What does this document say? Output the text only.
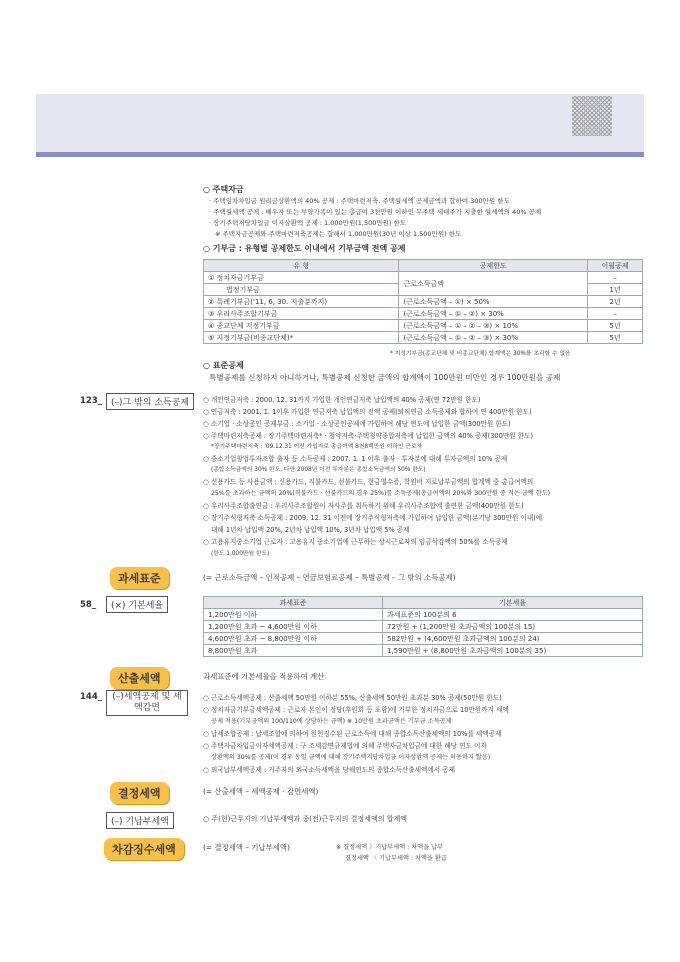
○ 주택자금
· 주택임차차입금 원리금상환액의 40% 공제 : 주택마련저축, 주택월세액 공제금액과 합하여 300만원 한도
· 주택월세액 공제 : 배우자 또는 부양가족이 있는 총급여 3천만원 이하인 무주택 세대주가 지출한 월세액의 40% 공제
· 장기주택저당차입금 이자상환액 공제 : 1,000만원(1,500만원) 한도
※ 주택자금공제와 주택마련저축공제는 합해서 1,000만원(30년 이상 1,500만원) 한도
○ 기부금 : 유형별 공제한도 이내에서 기부금액 전액 공제
유 형	공제한도	이월공제
① 정치자금기부금	근로소득금액	–
법정기부금		1년
② 특례기부금('11, 6, 30. 지출분까지)	(근로소득금액 – ①) × 50%	2년
③ 우리사주조합기부금	(근로소득금액 – ① – ②) × 30%	–
④ 종교단체 지정기부금	(근로소득금액 – ① – ② – ③) × 10%	5년
⑤ 지정기부금(비종교단체)*	(근로소득금액 – ① – ② – ③) × 30%	5년
* 지정기부금(종교단체 및 비종교단체) 합계액은 30%를 초과할 수 없음
○ 표준공제
특별공제를 신청하지 아니하거나, 특별공제 신청한 금액의 합계액이 100만원 미만인 경우 100만원을 공제
123_	(–)그 밖의 소득공제	○ 개인연금저축 : 2000. 12. 31까지 가입한 개인연금저축 납입액의 40% 공제(연 72만원 한도)
○ 연금저축 : 2001. 1. 1이후 가입한 연금저축 납입액의 전액 공제(퇴직연금 소득공제와 합하여 연 400만원 한도)
○ 소기업 · 소상공인 공제부금 : 소기업 · 소상공인공제에 가입하여 해당 연도에 납입한 금액(300만원 한도)
○ 주택마련저축공제 : 장기주택마련저축* · 청약저축·주택청약종합저축에 납입한 금액의 40% 공제(300만원 한도)
*장기주택마련저축 : '09.12.31 이전 가입자로 총급여액 8천8백만원 이하인 근로자
○ 중소기업창업투자조합 출자 등 소득공제 : 2007. 1. 1 이후 출자 · 투자분에 대해 투자금액의 10% 공제
(종합소득금액의 30% 한도, 다만 2008년 이전 투자분은 종합소득금액의 50% 한도)
○ 신용카드 등 사용금액 : 신용카드, 직불카드, 선불카드, 현금영수증, 학원비 지로납부금액의 합계액 중 총급여액의
25%를 초과하는 금액의 20%(직불카드 · 선불카드의 경우 25%)를 소득공제(총급여액의 20%와 300만원 중 적은 금액 한도)
○ 우리사주조합출연금 : 우리사주조합원이 자사주를 취득하기 위해 우리사주조합에 출연한 금액(400만원 한도)
○ 장기주식형저축 소득공제 : 2009. 12. 31 이전에 장기주식형저축에 가입하여 납입한 금액(분기당 300만원 이내)에
대해 1년차 납입액 20%, 2년차 납입액 10%, 3년차 납입액 5% 공제
○ 고용유지중소기업 근로자 : 고용유지 중소기업에 근무하는 상시근로자의 임금삭감액의 50%를 소득공제
(한도 1,000만원 한도)
과세표준	(= 근로소득금액 – 인적공제 – 연금보험료공제 – 특별공제 – 그 밖의 소득공제)
58_	(×) 기본세율	과세표준	기본세율
1,200만원 이하	과세표준의 100분의 6
1,200만원 초과 ~ 4,600만원 이하	72만원 + (1,200만원 초과금액의 100분의 15)
4,600만원 초과 ~ 8,800만원 이하	582만원 + (4,600만원 초과금액의 100분의 24)
8,800만원 초과	1,590만원 + (8,800만원 초과금액의 100분의 35)
산출세액	과세표준에 기본세율을 적용하여 계산
144_	(–)세액공제 및 세액감면
○ 근로소득세액공제 : 산출세액 50만원 이하분 55%, 산출세액 50만원 초과분 30% 공제(50만원 한도)
○ 정치자금기부금세액공제 : 근로자 본인이 정당(후원회 등 포함)에 기부한 정치자금으로 10만원까지 세액
공제 적용(기부금액의 100/110에 상당하는 금액) ※ 10만원 초과금액은 기부금 소득공제
○ 납세조합공제 : 납세조합에 의하여 원천징수된 근로소득에 대해 종합소득산출세액의 10%를 세액공제
○ 주택자금차입금이자세액공제 : 구 조세감면규제법에 의해 주택자금차입금에 대한 해당 연도 이자
상환액의 30%를 공제(이 경우 동일 금액에 대해 장기주택저당차입금 이자상환액 공제는 허용하지 않음)
○ 외국납부세액공제 : 거주자의 외국소득세액을 당해연도의 종합소득산출세액에서 공제
결정세액	(= 산출세액 – 세액공제 · 감면세액)
(–) 기납부세액	○ 주(현)근무지의 기납부세액과 종(전)근무지의 결정세액의 합계액
차감징수세액	(= 결정세액 – 기납부세액)	※ 결정세액 〉기납부세액 : 차액을 납부
결정세액 〈 기납부세액 : 차액을 환급
